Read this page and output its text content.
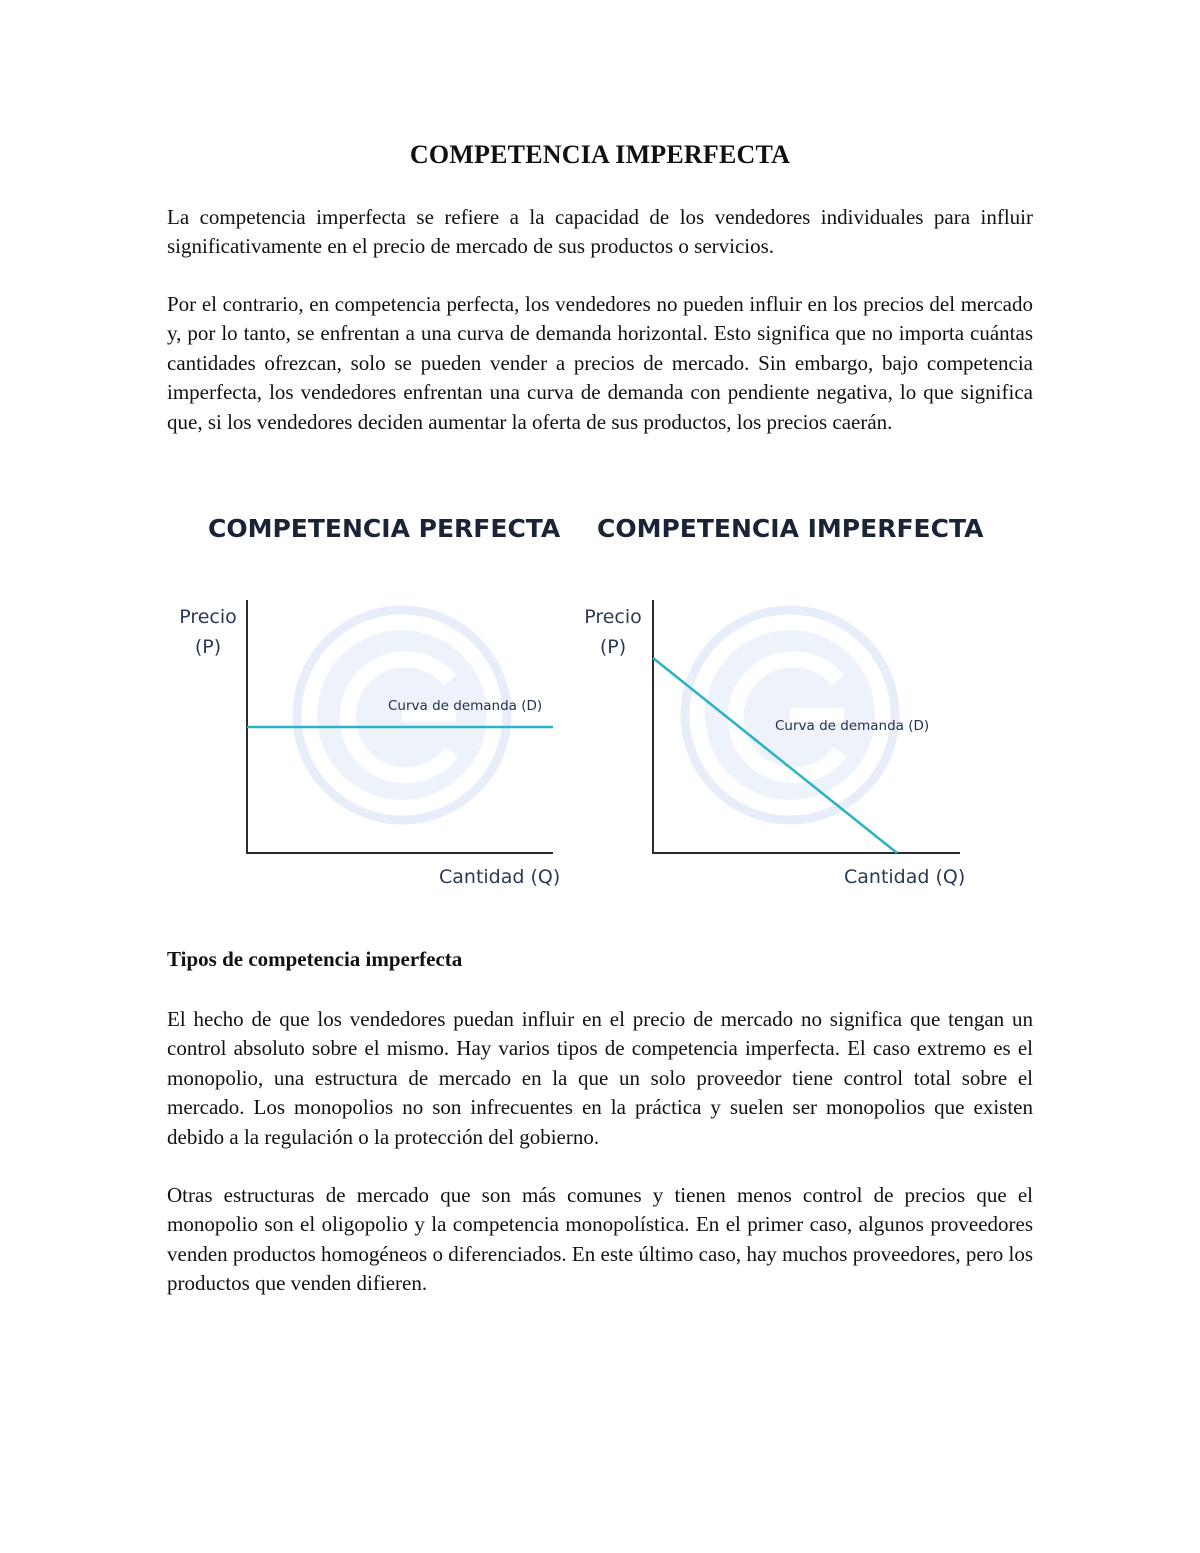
COMPETENCIA IMPERFECTA

La competencia imperfecta se refiere a la capacidad de los vendedores individuales para influir significativamente en el precio de mercado de sus productos o servicios.

Por el contrario, en competencia perfecta, los vendedores no pueden influir en los precios del mercado y, por lo tanto, se enfrentan a una curva de demanda horizontal. Esto significa que no importa cuántas cantidades ofrezcan, solo se pueden vender a precios de mercado. Sin embargo, bajo competencia imperfecta, los vendedores enfrentan una curva de demanda con pendiente negativa, lo que significa que, si los vendedores deciden aumentar la oferta de sus productos, los precios caerán.

COMPETENCIA PERFECTA COMPETENCIA IMPERFECTA
Precio
(P)
Curva de demanda (D)
Cantidad (Q)
Precio
(P)
Curva de demanda (D)
Cantidad (Q)
Tipos de competencia imperfecta

El hecho de que los vendedores puedan influir en el precio de mercado no significa que tengan un control absoluto sobre el mismo. Hay varios tipos de competencia imperfecta. El caso extremo es el monopolio, una estructura de mercado en la que un solo proveedor tiene control total sobre el mercado. Los monopolios no son infrecuentes en la práctica y suelen ser monopolios que existen debido a la regulación o la protección del gobierno.

Otras estructuras de mercado que son más comunes y tienen menos control de precios que el monopolio son el oligopolio y la competencia monopolística. En el primer caso, algunos proveedores venden productos homogéneos o diferenciados. En este último caso, hay muchos proveedores, pero los productos que venden difieren.
